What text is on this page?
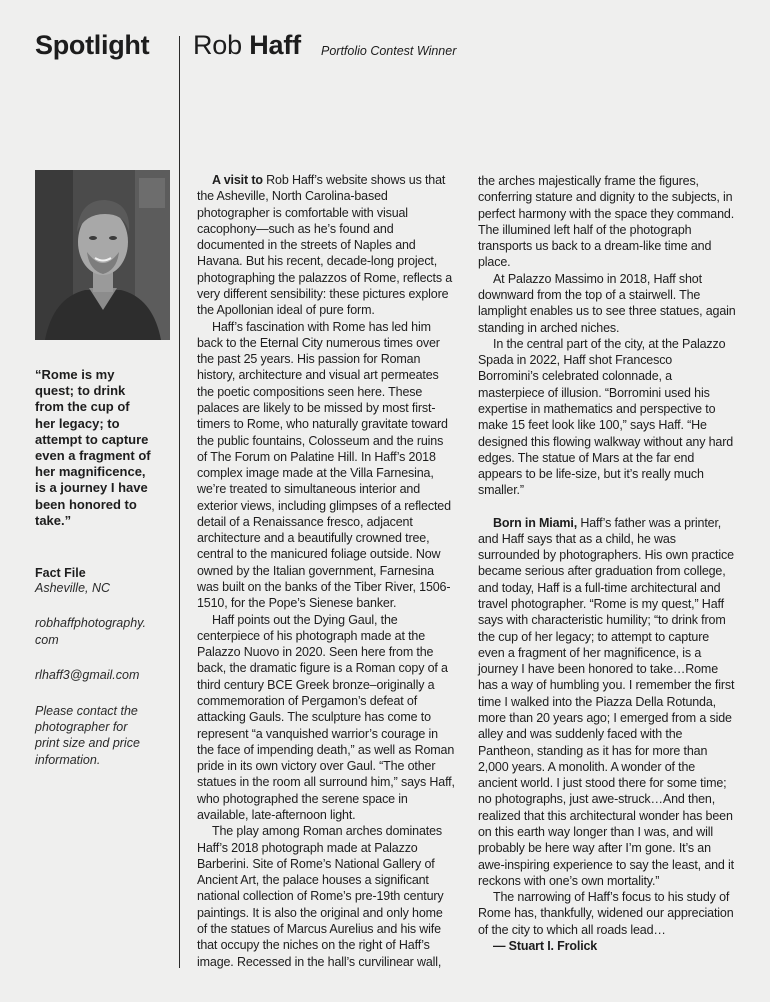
Spotlight Rob Haff Portfolio Contest Winner
“Rome is my quest; to drink from the cup of her legacy; to attempt to capture even a fragment of her magnificence, is a journey I have been honored to take.”
Fact File
Asheville, NC
robhaffphotography.
com
rlhaff3@gmail.com
Please contact the photographer for print size and price information.

A visit to Rob Haff’s website shows us that the Asheville, North Carolina-based photographer is comfortable with visual cacophony—such as he’s found and documented in the streets of Naples and Havana. But his recent, decade-long project, photographing the palazzos of Rome, reflects a very different sensibility: these pictures explore the Apollonian ideal of pure form.

Haff’s fascination with Rome has led him back to the Eternal City numerous times over the past 25 years. His passion for Roman history, architecture and visual art permeates the poetic compositions seen here. These palaces are likely to be missed by most first-timers to Rome, who naturally gravitate toward the public fountains, Colosseum and the ruins of The Forum on Palatine Hill. In Haff’s 2018 complex image made at the Villa Farnesina, we’re treated to simultaneous interior and exterior views, including glimpses of a reflected detail of a Renaissance fresco, adjacent architecture and a beautifully crowned tree, central to the manicured foliage outside. Now owned by the Italian government, Farnesina was built on the banks of the Tiber River, 1506-1510, for the Pope’s Sienese banker.

Haff points out the Dying Gaul, the centerpiece of his photograph made at the Palazzo Nuovo in 2020. Seen here from the back, the dramatic figure is a Roman copy of a third century BCE Greek bronze–originally a commemoration of Pergamon’s defeat of attacking Gauls. The sculpture has come to represent “a vanquished warrior’s courage in the face of impending death,” as well as Roman pride in its own victory over Gaul. “The other statues in the room all surround him,” says Haff, who photographed the serene space in available, late-afternoon light.

The play among Roman arches dominates Haff’s 2018 photograph made at Palazzo Barberini. Site of Rome’s National Gallery of Ancient Art, the palace houses a significant national collection of Rome’s pre-19th century paintings. It is also the original and only home of the statues of Marcus Aurelius and his wife that occupy the niches on the right of Haff’s image. Recessed in the hall’s curvilinear wall,

the arches majestically frame the figures, conferring stature and dignity to the subjects, in perfect harmony with the space they command. The illumined left half of the photograph transports us back to a dream-like time and place.

At Palazzo Massimo in 2018, Haff shot downward from the top of a stairwell. The lamplight enables us to see three statues, again standing in arched niches.

In the central part of the city, at the Palazzo Spada in 2022, Haff shot Francesco Borromini’s celebrated colonnade, a masterpiece of illusion. “Borromini used his expertise in mathematics and perspective to make 15 feet look like 100,” says Haff. “He designed this flowing walkway without any hard edges. The statue of Mars at the far end appears to be life-size, but it’s really much smaller.”

Born in Miami, Haff’s father was a printer, and Haff says that as a child, he was surrounded by photographers. His own practice became serious after graduation from college, and today, Haff is a full-time architectural and travel photographer. “Rome is my quest,” Haff says with characteristic humility; “to drink from the cup of her legacy; to attempt to capture even a fragment of her magnificence, is a journey I have been honored to take…Rome has a way of humbling you. I remember the first time I walked into the Piazza Della Rotunda, more than 20 years ago; I emerged from a side alley and was suddenly faced with the Pantheon, standing as it has for more than 2,000 years. A monolith. A wonder of the ancient world. I just stood there for some time; no photographs, just awe-struck…And then, realized that this architectural wonder has been on this earth way longer than I was, and will probably be here way after I’m gone. It’s an awe-inspiring experience to say the least, and it reckons with one’s own mortality.”

The narrowing of Haff’s focus to his study of Rome has, thankfully, widened our appreciation of the city to which all roads lead…

— Stuart I. Frolick
